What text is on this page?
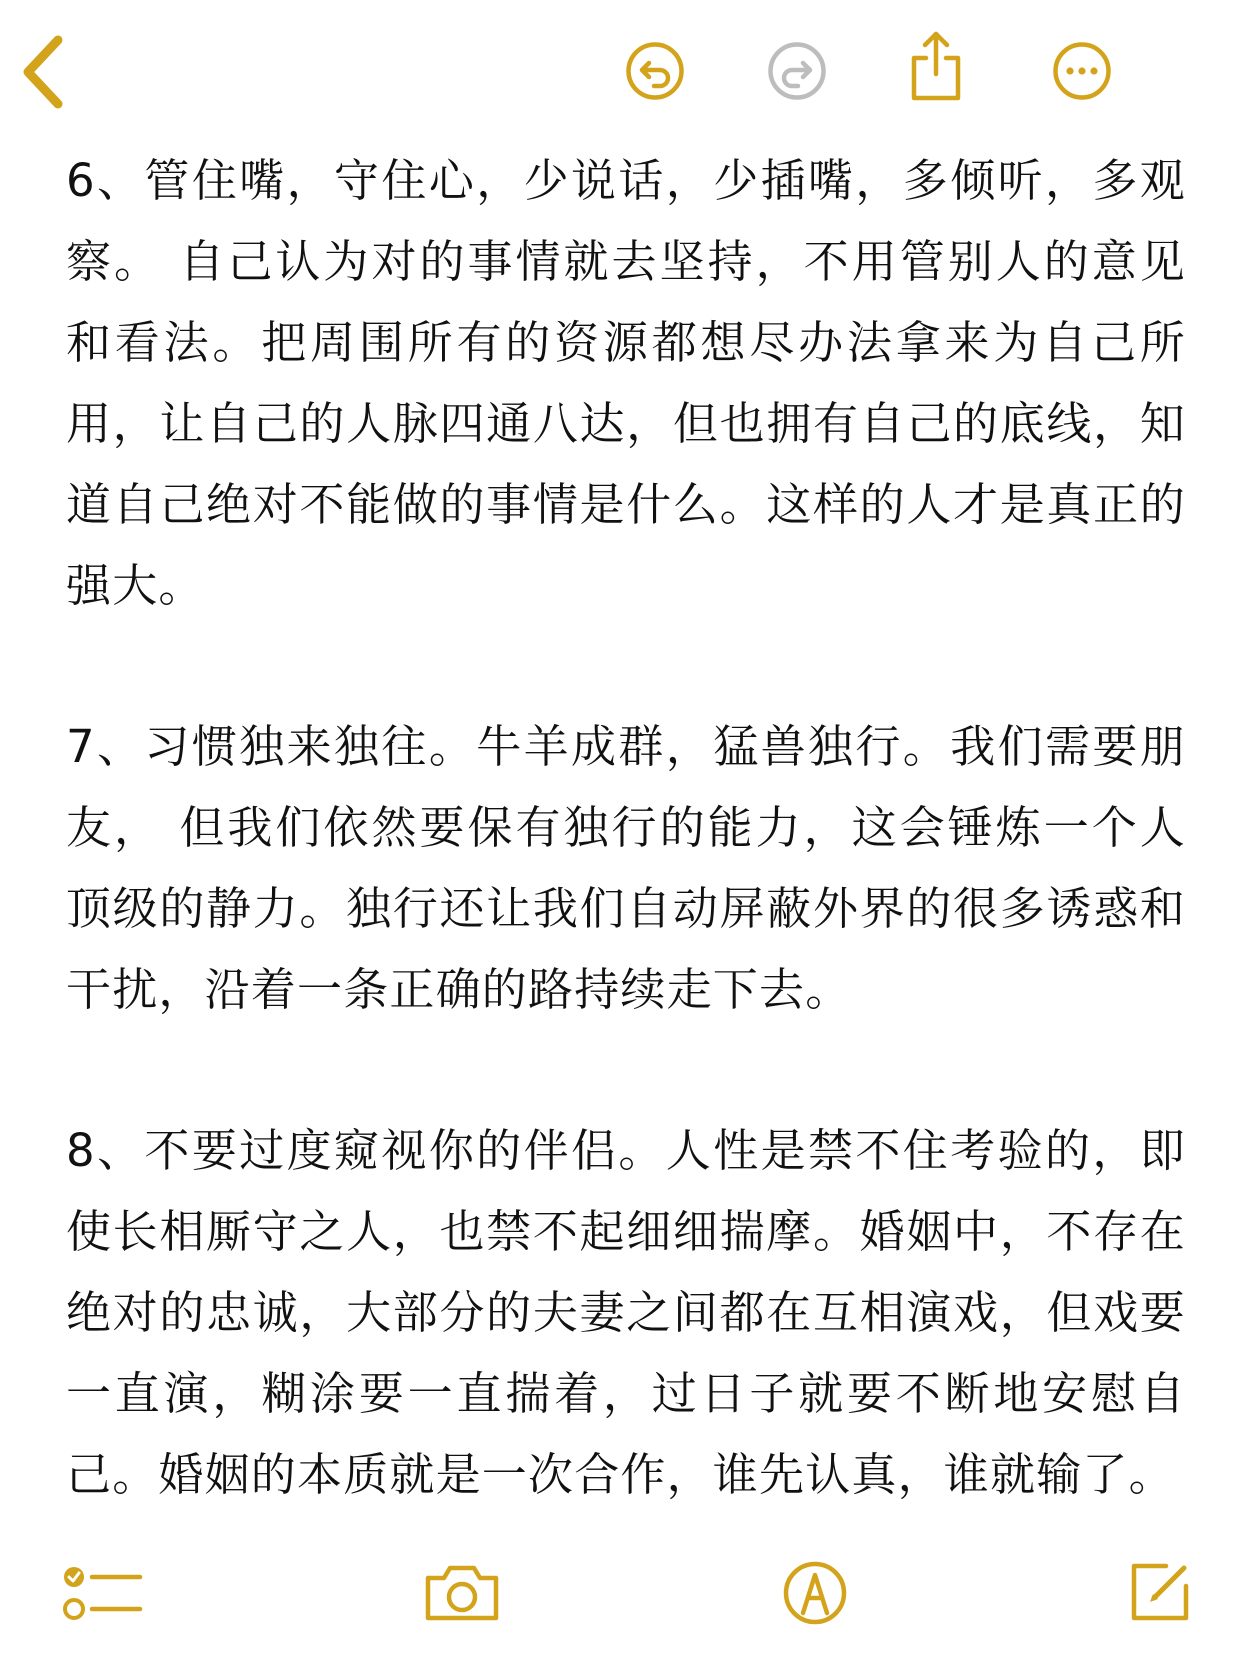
6、管住嘴，守住心，少说话，少插嘴，多倾听，多观察。 自己认为对的事情就去坚持，不用管别人的意见和看法。把周围所有的资源都想尽办法拿来为自己所用，让自己的人脉四通八达，但也拥有自己的底线，知道自己绝对不能做的事情是什么。这样的人才是真正的强大。

7、习惯独来独往。牛羊成群，猛兽独行。我们需要朋友， 但我们依然要保有独行的能力，这会锤炼一个人顶级的静力。独行还让我们自动屏蔽外界的很多诱惑和干扰，沿着一条正确的路持续走下去。

8、不要过度窥视你的伴侣。人性是禁不住考验的，即使长相厮守之人，也禁不起细细揣摩。婚姻中，不存在绝对的忠诚，大部分的夫妻之间都在互相演戏，但戏要一直演，糊涂要一直揣着，过日子就要不断地安慰自己。婚姻的本质就是一次合作，谁先认真，谁就输了。
